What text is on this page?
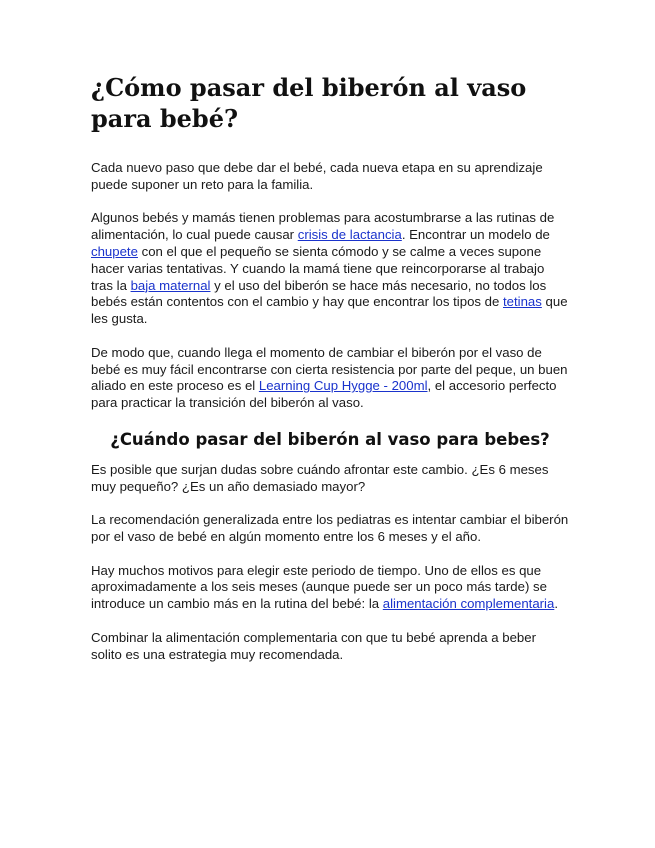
¿Cómo pasar del biberón al vaso para bebé?

Cada nuevo paso que debe dar el bebé, cada nueva etapa en su aprendizaje puede suponer un reto para la familia.

Algunos bebés y mamás tienen problemas para acostumbrarse a las rutinas de alimentación, lo cual puede causar crisis de lactancia. Encontrar un modelo de chupete con el que el pequeño se sienta cómodo y se calme a veces supone hacer varias tentativas. Y cuando la mamá tiene que reincorporarse al trabajo tras la baja maternal y el uso del biberón se hace más necesario, no todos los bebés están contentos con el cambio y hay que encontrar los tipos de tetinas que les gusta.

De modo que, cuando llega el momento de cambiar el biberón por el vaso de bebé es muy fácil encontrarse con cierta resistencia por parte del peque, un buen aliado en este proceso es el Learning Cup Hygge - 200ml, el accesorio perfecto para practicar la transición del biberón al vaso.

¿Cuándo pasar del biberón al vaso para bebes?

Es posible que surjan dudas sobre cuándo afrontar este cambio. ¿Es 6 meses muy pequeño? ¿Es un año demasiado mayor?

La recomendación generalizada entre los pediatras es intentar cambiar el biberón por el vaso de bebé en algún momento entre los 6 meses y el año.

Hay muchos motivos para elegir este periodo de tiempo. Uno de ellos es que aproximadamente a los seis meses (aunque puede ser un poco más tarde) se introduce un cambio más en la rutina del bebé: la alimentación complementaria.

Combinar la alimentación complementaria con que tu bebé aprenda a beber solito es una estrategia muy recomendada.
